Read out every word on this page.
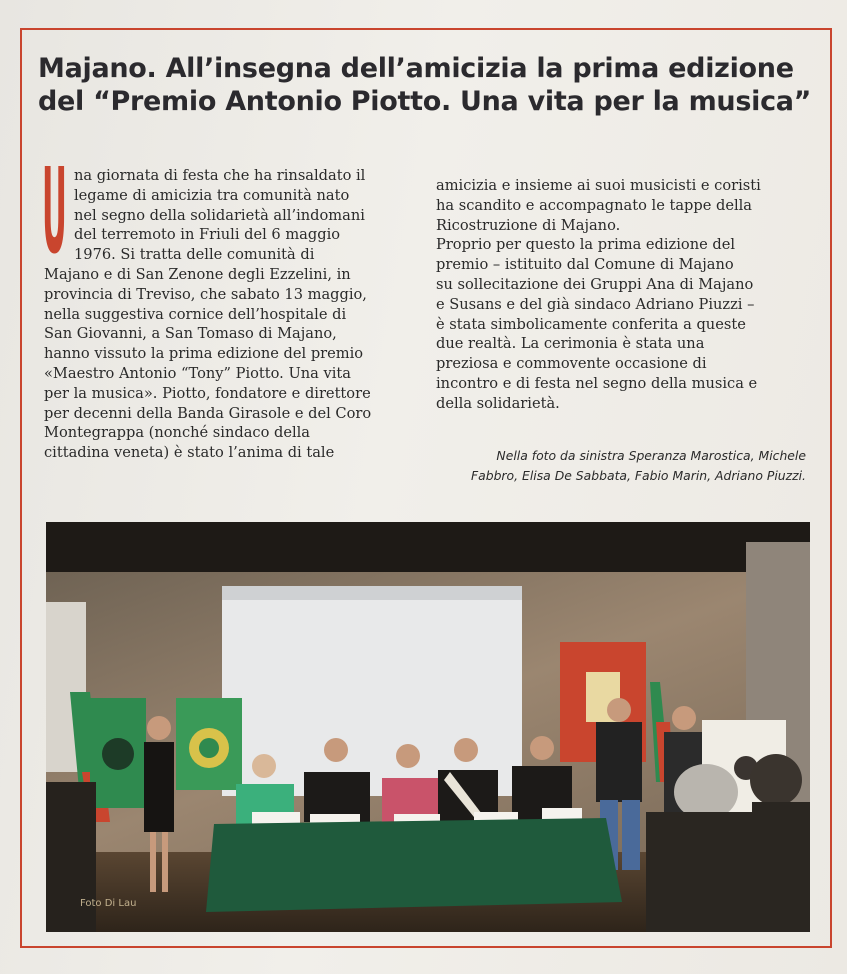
Majano. All’insegna dell’amicizia la prima edizione
del “Premio Antonio Piotto. Una vita per la musica”
U na giornata di festa che ha rinsaldato il
legame di amicizia tra comunità nato
nel segno della solidarietà all’indomani
del terremoto in Friuli del 6 maggio
1976. Si tratta delle comunità di
Majano e di San Zenone degli Ezzelini, in
provincia di Treviso, che sabato 13 maggio,
nella suggestiva cornice dell’hospitale di
San Giovanni, a San Tomaso di Majano,
hanno vissuto la prima edizione del premio
«Maestro Antonio “Tony” Piotto. Una vita
per la musica». Piotto, fondatore e direttore
per decenni della Banda Girasole e del Coro
Montegrappa (nonché sindaco della
cittadina veneta) è stato l’anima di tale
amicizia e insieme ai suoi musicisti e coristi
ha scandito e accompagnato le tappe della
Ricostruzione di Majano.
Proprio per questo la prima edizione del
premio – istituito dal Comune di Majano
su sollecitazione dei Gruppi Ana di Majano
e Susans e del già sindaco Adriano Piuzzi –
è stata simbolicamente conferita a queste
due realtà. La cerimonia è stata una
preziosa e commovente occasione di
incontro e di festa nel segno della musica e
della solidarietà.
Nella foto da sinistra Speranza Marostica, Michele
Fabbro, Elisa De Sabbata, Fabio Marin, Adriano Piuzzi.
Foto Di Lau
